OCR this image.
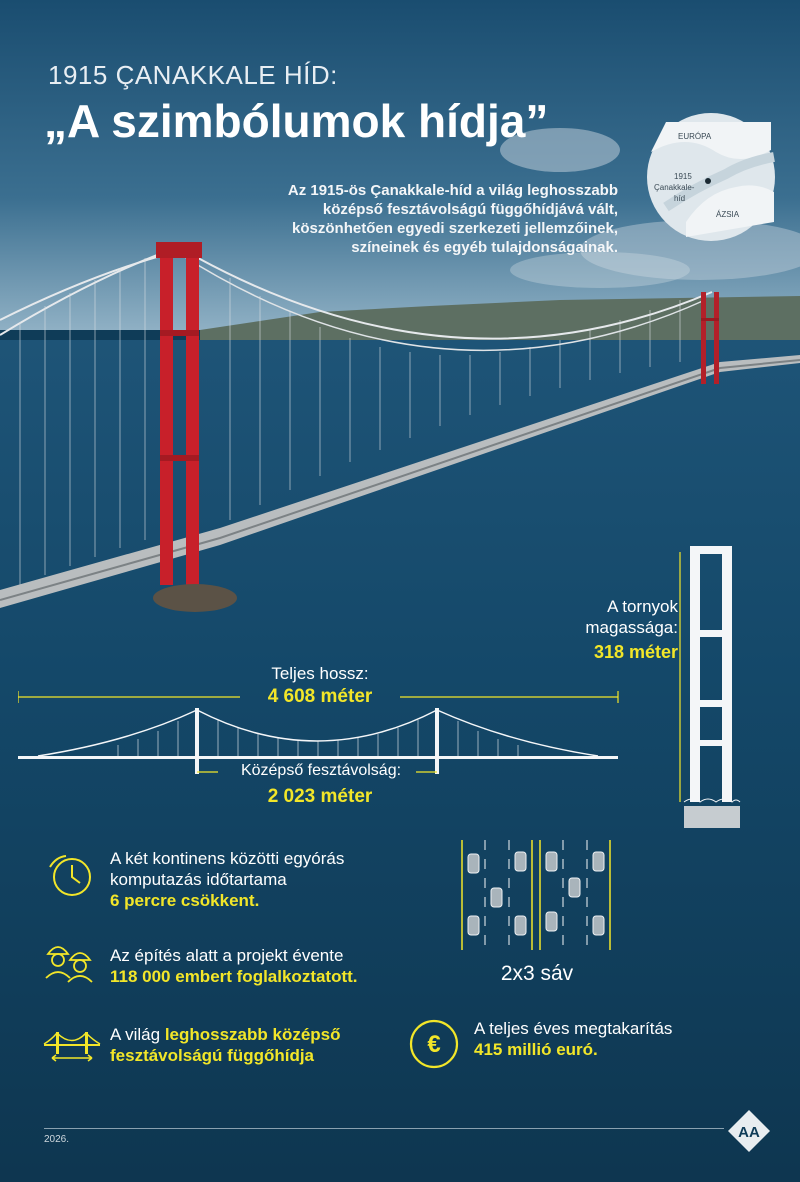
1915 ÇANAKKALE HÍD:
„A szimbólumok hídja”
Az 1915-ös Çanakkale-híd a világ leghosszabb középső fesztávolságú függőhídjává vált, köszönhetően egyedi szerkezeti jellemzőinek, színeinek és egyéb tulajdonságainak.
EURÓPA
ÁZSIA
1915
Çanakkale-
híd
A tornyok
magassága:
318 méter
Teljes hossz:
4 608 méter
Középső fesztávolság:
2 023 méter
A két kontinens közötti egyórás
komputazás időtartama
6 percre csökkent.
Az építés alatt a projekt évente
118 000 embert foglalkoztatott.
A világ leghosszabb középső
fesztávolságú függőhídja
2x3 sáv
€
A teljes éves megtakarítás
415 millió euró.
2026.	AA
